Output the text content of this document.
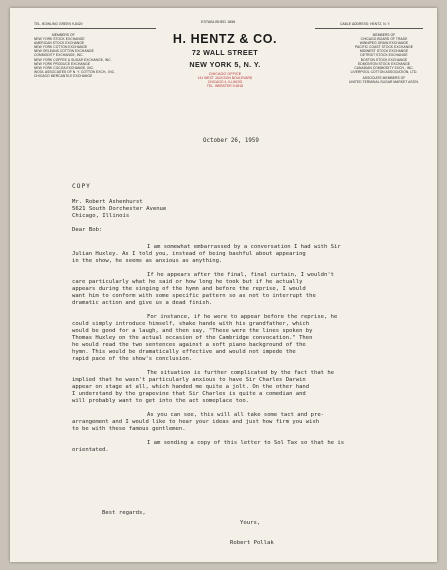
TEL. BOWLING GREEN 9-8420	ESTABLISHED 1856	CABLE ADDRESS: HENTZ, N. Y.
MEMBERS OF
NEW YORK STOCK EXCHANGE
AMERICAN STOCK EXCHANGE
NEW YORK COTTON EXCHANGE
NEW ORLEANS COTTON EXCHANGE
COMMODITY EXCHANGE, INC.
NEW YORK COFFEE & SUGAR EXCHANGE, INC.
NEW YORK PRODUCE EXCHANGE
NEW YORK COCOA EXCHANGE, INC.
WOOL ASSOCIATES OF N. Y. COTTON EXCH., INC.
CHICAGO MERCANTILE EXCHANGE
H. HENTZ & CO.
72 WALL STREET
NEW YORK 5, N. Y.
CHICAGO OFFICE
141 WEST JACKSON BOULEVARD
CHICAGO 4, ILLINOIS
TEL. WEBSTER 9-6918
MEMBERS OF
CHICAGO BOARD OF TRADE
WINNIPEG GRAIN EXCHANGE
PACIFIC COAST STOCK EXCHANGE
MIDWEST STOCK EXCHANGE
DETROIT STOCK EXCHANGE
BOSTON STOCK EXCHANGE
EDMONTON STOCK EXCHANGE
CANADIAN COMMODITY EXCH., INC.
LIVERPOOL COTTON ASSOCIATION, LTD.
ASSOCIATE MEMBERS OF
UNITED TERMINAL SUGAR MARKET ASS'N.
October 26, 1959
COPY
Mr. Robert Ashenhurst
5621 South Dorchester Avenue
Chicago, Illinois
Dear Bob:

I am somewhat embarrassed by a conversation I had with Sir
Julian Huxley. As I told you, instead of being bashful about appearing
in the show, he seems as anxious as anything.

If he appears after the final, final curtain, I wouldn't
care particularly what he said or how long he took but if he actually
appears during the singing of the hymn and before the reprise, I would
want him to conform with some specific pattern so as not to interrupt the
dramatic action and give us a dead finish.

For instance, if he were to appear before the reprise, he
could simply introduce himself, shake hands with his grandfather, which
would be good for a laugh, and then say, "These were the lines spoken by
Thomas Huxley on the actual occasion of the Cambridge convocation." Then
he would read the two sentences against a soft piano background of the
hymn. This would be dramatically effective and would not impede the
rapid pace of the show's conclusion.

The situation is further complicated by the fact that he
implied that he wasn't particularly anxious to have Sir Charles Darwin
appear on stage at all, which handed me quite a jolt. On the other hand
I understand by the grapevine that Sir Charles is quite a comedian and
will probably want to get into the act someplace too.

As you can see, this will all take some tact and pre-
arrangement and I would like to hear your ideas and just how firm you wish
to be with these famous gentlemen.

I am sending a copy of this letter to Sol Tax so that he is
orientated.

Best regards,
Yours,
Robert Pollak
